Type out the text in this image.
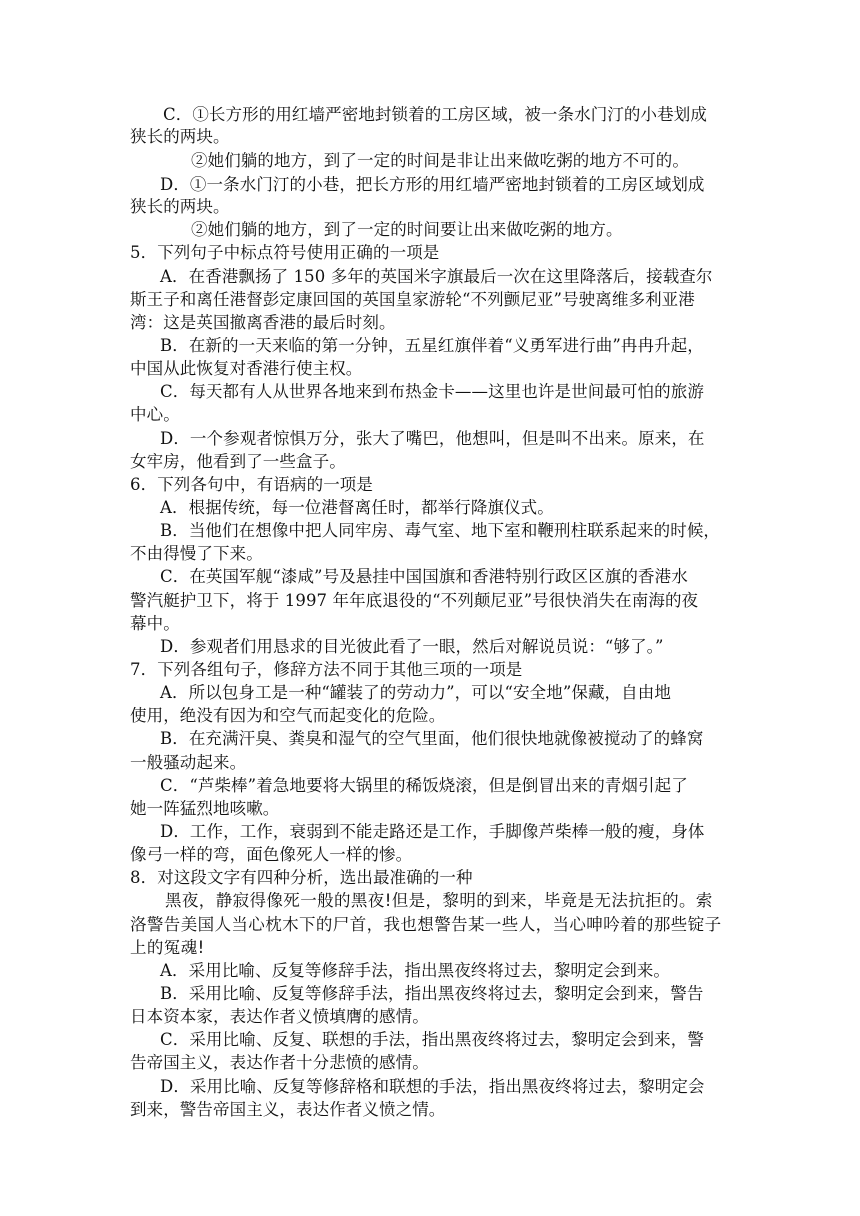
C．①长方形的用红墙严密地封锁着的工房区域，被一条水门汀的小巷划成

狭长的两块。

②她们躺的地方，到了一定的时间是非让出来做吃粥的地方不可的。

D．①一条水门汀的小巷，把长方形的用红墙严密地封锁着的工房区域划成

狭长的两块。

②她们躺的地方，到了一定的时间要让出来做吃粥的地方。

5．下列句子中标点符号使用正确的一项是

A．在香港飘扬了 150 多年的英国米字旗最后一次在这里降落后，接载查尔

斯王子和离任港督彭定康回国的英国皇家游轮“不列颤尼亚”号驶离维多利亚港

湾：这是英国撤离香港的最后时刻。

B．在新的一天来临的第一分钟，五星红旗伴着“义勇军进行曲”冉冉升起，

中国从此恢复对香港行使主权。

C．每天都有人从世界各地来到布热金卡——这里也许是世间最可怕的旅游

中心。

D．一个参观者惊惧万分，张大了嘴巴，他想叫，但是叫不出来。原来，在

女牢房，他看到了一些盒子。

6．下列各句中，有语病的一项是

A．根据传统，每一位港督离任时，都举行降旗仪式。

B．当他们在想像中把人同牢房、毒气室、地下室和鞭刑柱联系起来的时候，

不由得慢了下来。

C．在英国军舰“漆咸”号及悬挂中国国旗和香港特别行政区区旗的香港水

警汽艇护卫下，将于 1997 年年底退役的“不列颠尼亚”号很快消失在南海的夜

幕中。

D．参观者们用恳求的目光彼此看了一眼，然后对解说员说：“够了。”

7．下列各组句子，修辞方法不同于其他三项的一项是

A．所以包身工是一种“罐装了的劳动力”，可以“安全地”保藏，自由地

使用，绝没有因为和空气而起变化的危险。

B．在充满汗臭、粪臭和湿气的空气里面，他们很快地就像被搅动了的蜂窝

一般骚动起来。

C．“芦柴棒”着急地要将大锅里的稀饭烧滚，但是倒冒出来的青烟引起了

她一阵猛烈地咳嗽。

D．工作，工作，衰弱到不能走路还是工作，手脚像芦柴棒一般的瘦，身体

像弓一样的弯，面色像死人一样的惨。

8．对这段文字有四种分析，选出最准确的一种

黑夜，静寂得像死一般的黑夜!但是，黎明的到来，毕竟是无法抗拒的。索

洛警告美国人当心枕木下的尸首，我也想警告某一些人，当心呻吟着的那些锭子

上的冤魂!

A．采用比喻、反复等修辞手法，指出黑夜终将过去，黎明定会到来。

B．采用比喻、反复等修辞手法，指出黑夜终将过去，黎明定会到来，警告

日本资本家，表达作者义愤填膺的感情。

C．采用比喻、反复、联想的手法，指出黑夜终将过去，黎明定会到来，警

告帝国主义，表达作者十分悲愤的感情。

D．采用比喻、反复等修辞格和联想的手法，指出黑夜终将过去，黎明定会

到来，警告帝国主义，表达作者义愤之情。
